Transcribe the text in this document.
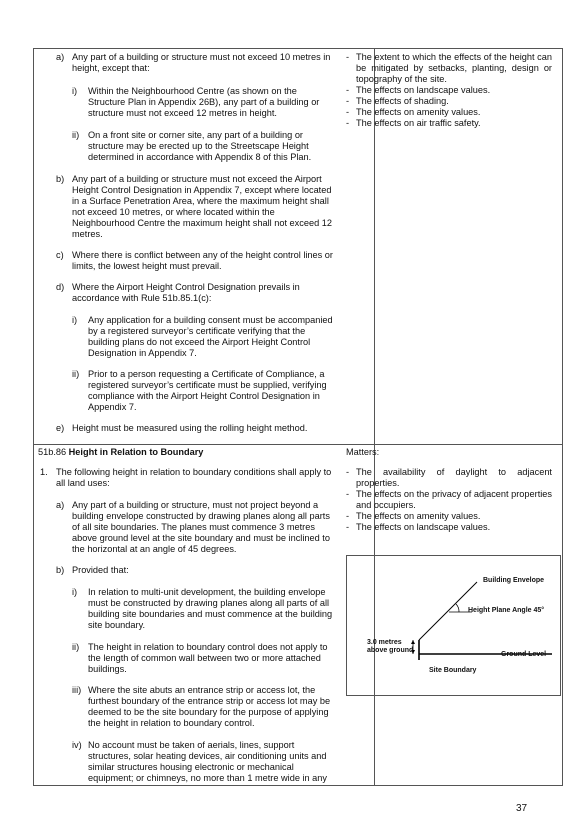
a) Any part of a building or structure must not exceed 10 metres in height, except that:
i) Within the Neighbourhood Centre (as shown on the Structure Plan in Appendix 26B), any part of a building or structure must not exceed 12 metres in height.
ii) On a front site or corner site, any part of a building or structure may be erected up to the Streetscape Height determined in accordance with Appendix 8 of this Plan.
b) Any part of a building or structure must not exceed the Airport Height Control Designation in Appendix 7, except where located in a Surface Penetration Area, where the maximum height shall not exceed 10 metres, or where located within the Neighbourhood Centre the maximum height shall not exceed 12 metres.
c) Where there is conflict between any of the height control lines or limits, the lowest height must prevail.
d) Where the Airport Height Control Designation prevails in accordance with Rule 51b.85.1(c):
i) Any application for a building consent must be accompanied by a registered surveyor’s certificate verifying that the building plans do not exceed the Airport Height Control Designation in Appendix 7.
ii) Prior to a person requesting a Certificate of Compliance, a registered surveyor’s certificate must be supplied, verifying compliance with the Airport Height Control Designation in Appendix 7.
e) Height must be measured using the rolling height method.
- The extent to which the effects of the height can be mitigated by setbacks, planting, design or topography of the site.
- The effects on landscape values.
- The effects of shading.
- The effects on amenity values.
- The effects on air traffic safety.
51b.86 Height in Relation to Boundary
1. The following height in relation to boundary conditions shall apply to all land uses:
a) Any part of a building or structure, must not project beyond a building envelope constructed by drawing planes along all parts of all site boundaries. The planes must commence 3 metres above ground level at the site boundary and must be inclined to the horizontal at an angle of 45 degrees.
b) Provided that:
i) In relation to multi-unit development, the building envelope must be constructed by drawing planes along all parts of all building site boundaries and must commence at the building site boundary.
ii) The height in relation to boundary control does not apply to the length of common wall between two or more attached buildings.
iii) Where the site abuts an entrance strip or access lot, the furthest boundary of the entrance strip or access lot may be deemed to be the site boundary for the purpose of applying the height in relation to boundary control.
iv) No account must be taken of aerials, lines, support structures, solar heating devices, air conditioning units and similar structures housing electronic or mechanical equipment; or chimneys, no more than 1 metre wide in any
Matters:
- The availability of daylight to adjacent properties.
- The effects on the privacy of adjacent properties and occupiers.
- The effects on amenity values.
- The effects on landscape values.
Building Envelope
Height Plane Angle 45°
3.0 metres
above ground
Ground Level
Site Boundary
37
